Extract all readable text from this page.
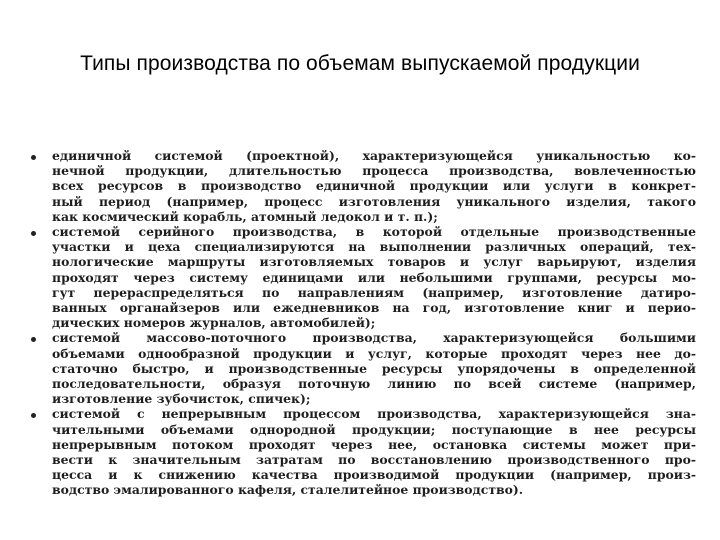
Типы производства по объемам выпускаемой продукции
единичной системой (проектной), характеризующейся уникальностью ко-
нечной продукции, длительностью процесса производства, вовлеченностью
всех ресурсов в производство единичной продукции или услуги в конкрет-
ный период (например, процесс изготовления уникального изделия, такого
как космический корабль, атомный ледокол и т. п.);
системой серийного производства, в которой отдельные производственные
участки и цеха специализируются на выполнении различных операций, тех-
нологические маршруты изготовляемых товаров и услуг варьируют, изделия
проходят через систему единицами или небольшими группами, ресурсы мо-
гут перераспределяться по направлениям (например, изготовление датиро-
ванных органайзеров или ежедневников на год, изготовление книг и перио-
дических номеров журналов, автомобилей);
системой массово-поточного производства, характеризующейся большими
объемами однообразной продукции и услуг, которые проходят через нее до-
статочно быстро, и производственные ресурсы упорядочены в определенной
последовательности, образуя поточную линию по всей системе (например,
изготовление зубочисток, спичек);
системой с непрерывным процессом производства, характеризующейся зна-
чительными объемами однородной продукции; поступающие в нее ресурсы
непрерывным потоком проходят через нее, остановка системы может при-
вести к значительным затратам по восстановлению производственного про-
цесса и к снижению качества производимой продукции (например, произ-
водство эмалированного кафеля, сталелитейное производство).
